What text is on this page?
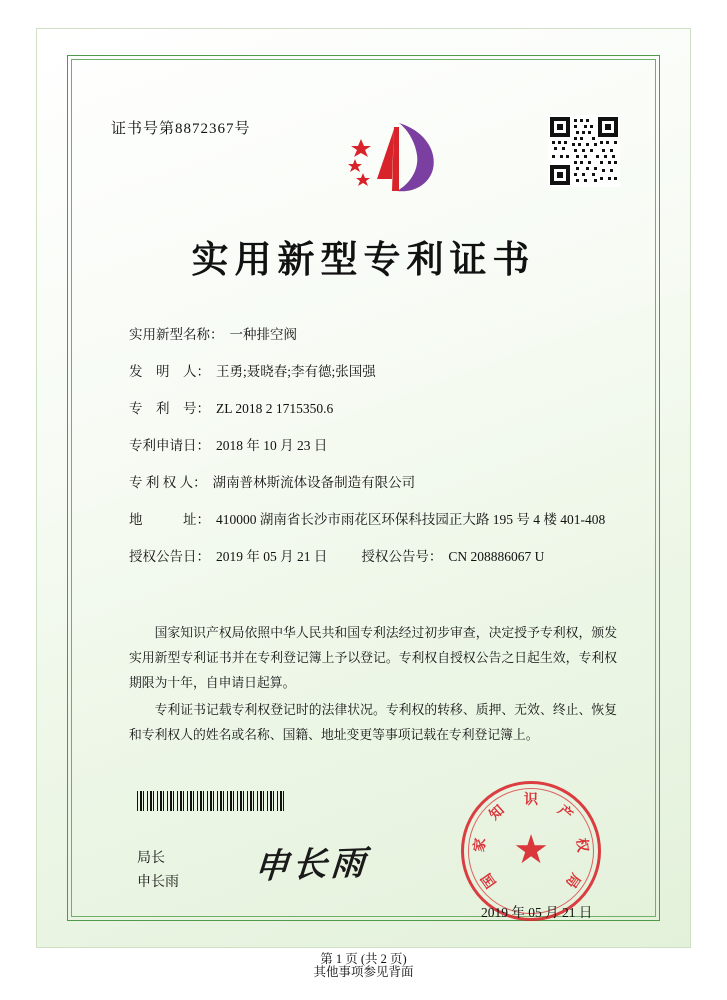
证书号第8872367号
实用新型专利证书
实用新型名称： 一种排空阀
发　明　人： 王勇;聂晓春;李有德;张国强
专　利　号： ZL 2018 2 1715350.6
专利申请日： 2018 年 10 月 23 日
专 利 权 人： 湖南普林斯流体设备制造有限公司
地　　　址： 410000 湖南省长沙市雨花区环保科技园正大路 195 号 4 楼 401-408
授权公告日： 2019 年 05 月 21 日	授权公告号： CN 208886067 U

国家知识产权局依照中华人民共和国专利法经过初步审查，决定授予专利权，颁发实用新型专利证书并在专利登记簿上予以登记。专利权自授权公告之日起生效，专利权期限为十年，自申请日起算。

专利证书记载专利权登记时的法律状况。专利权的转移、质押、无效、终止、恢复和专利权人的姓名或名称、国籍、地址变更等事项记载在专利登记簿上。

局长
申长雨 申长雨	★
国
家
知
识
产
权
局
2019 年 05 月 21 日
第 1 页 (共 2 页)
其他事项参见背面
